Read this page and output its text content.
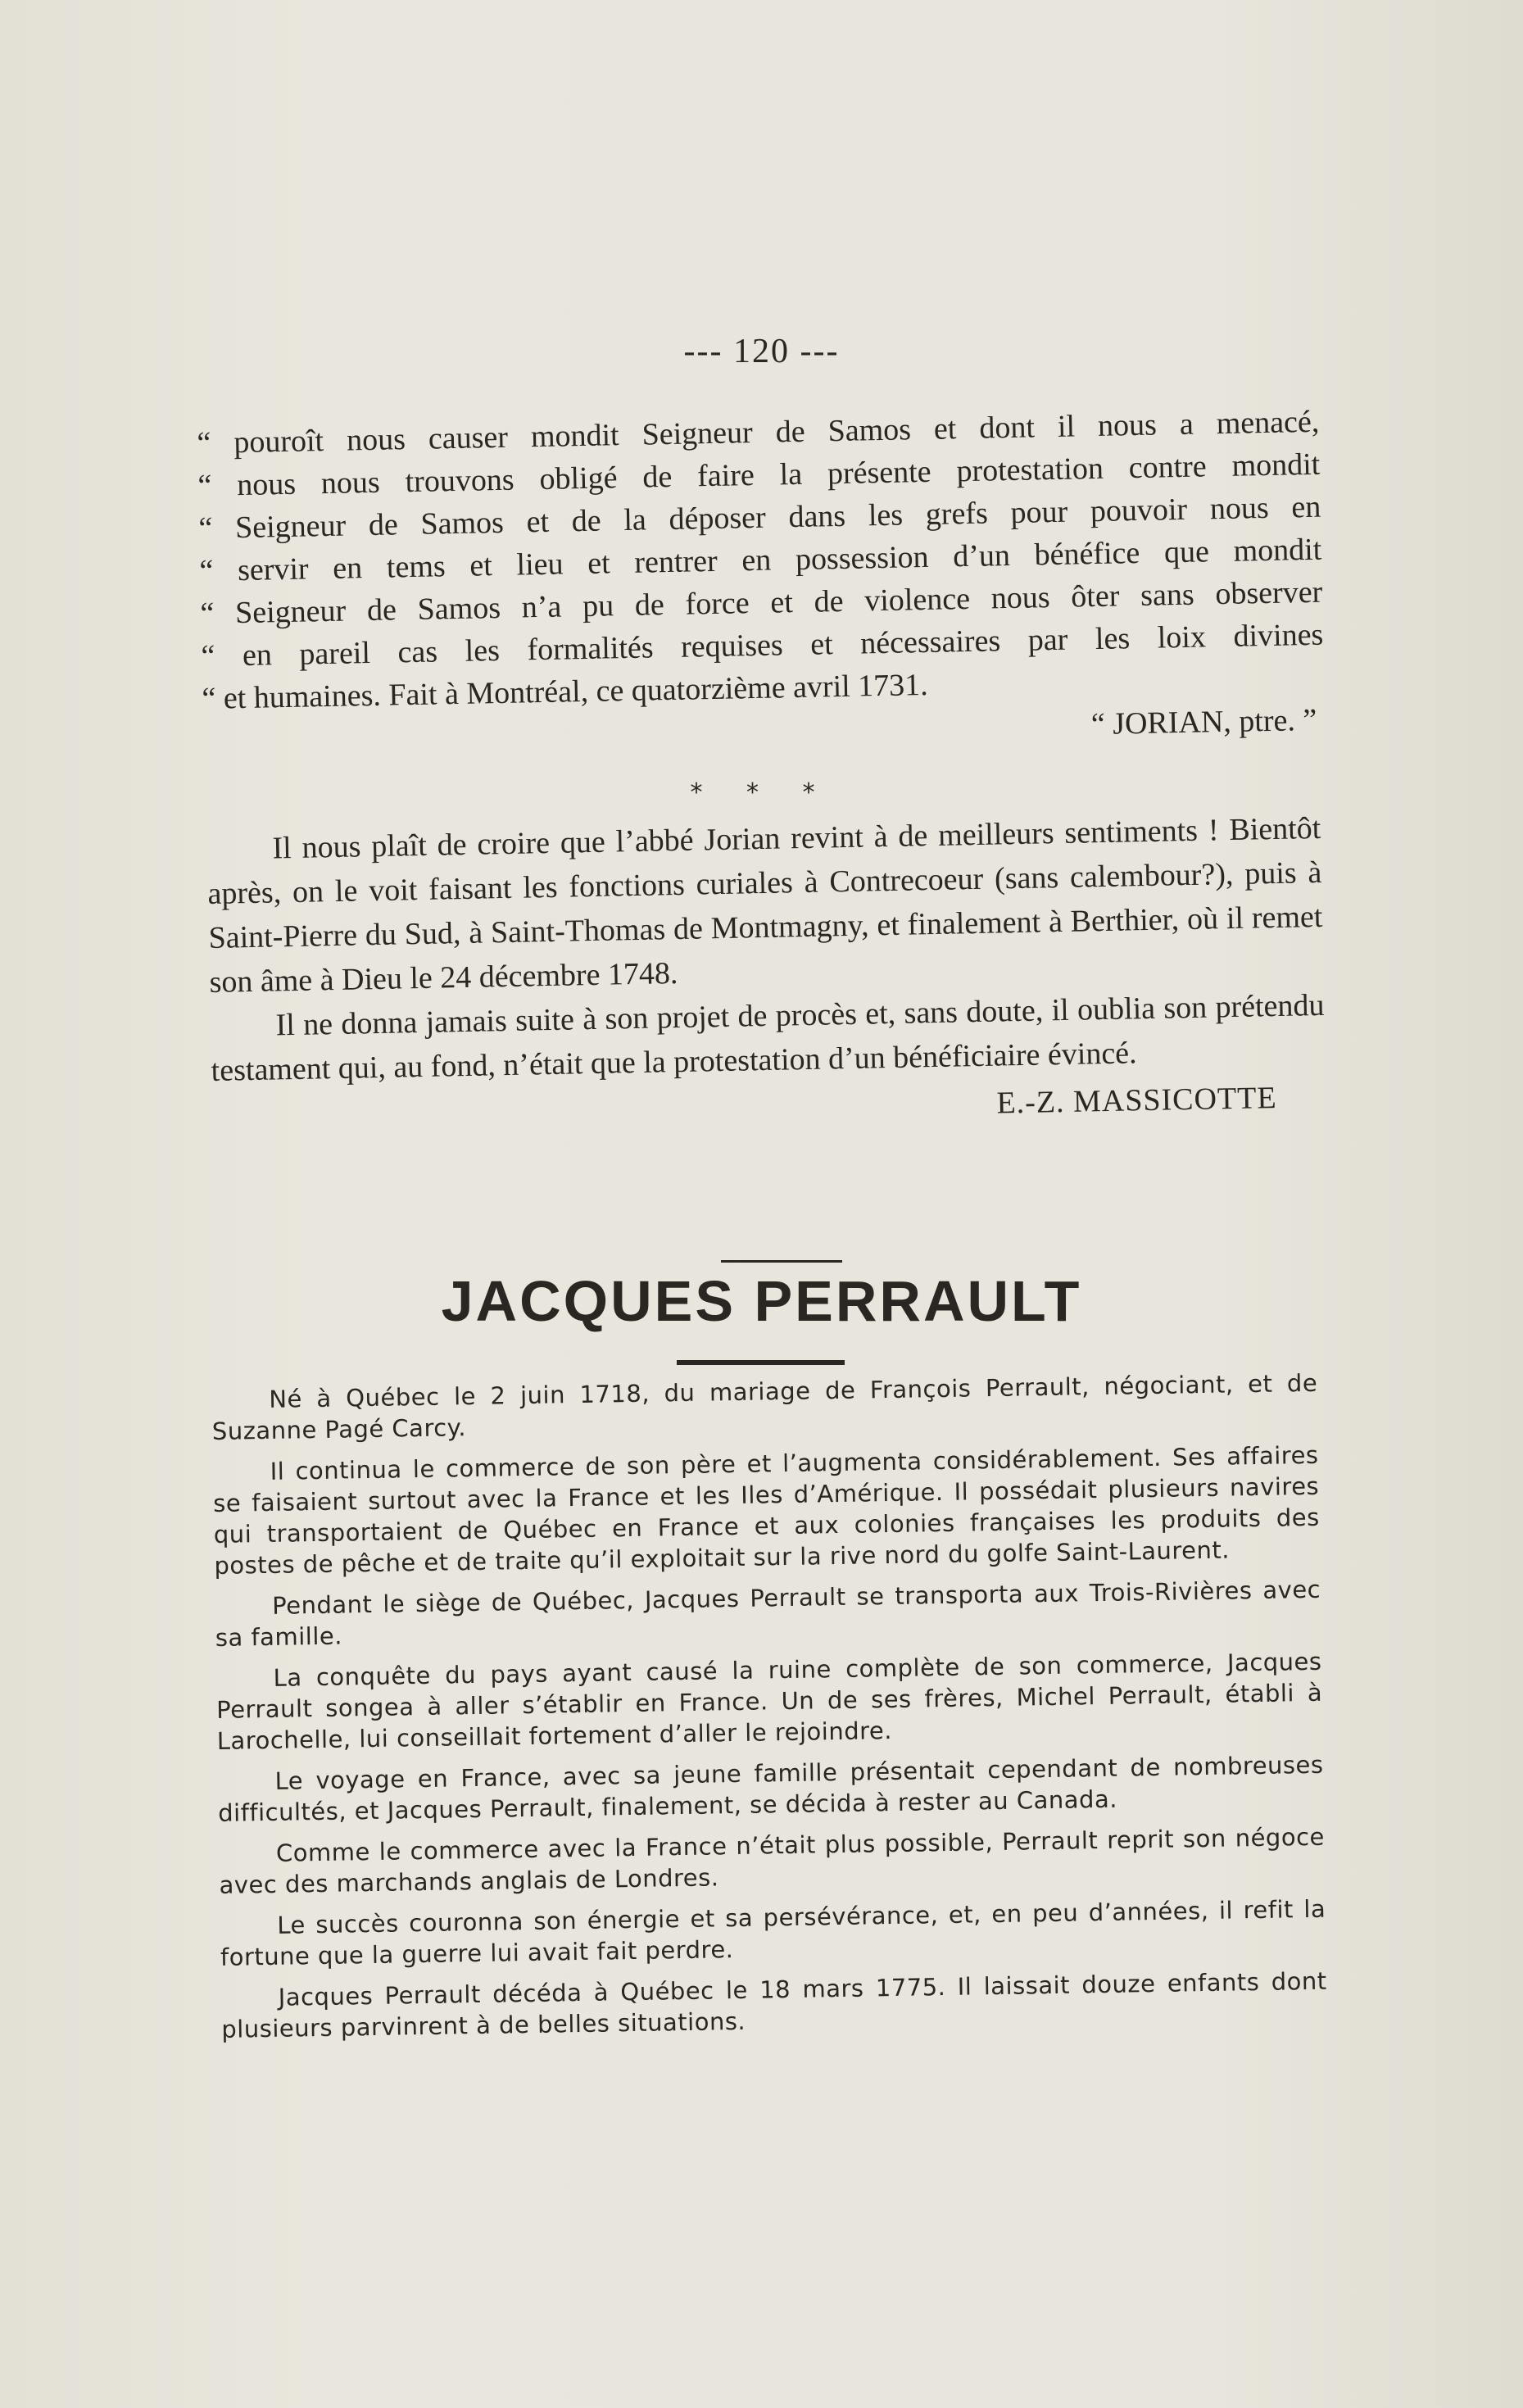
--- 120 ---
“ pouroît nous causer mondit Seigneur de Samos et dont il nous a menacé,
“ nous nous trouvons obligé de faire la présente protestation contre mondit
“ Seigneur de Samos et de la déposer dans les grefs pour pouvoir nous en
“ servir en tems et lieu et rentrer en possession d’un bénéfice que mondit
“ Seigneur de Samos n’a pu de force et de violence nous ôter sans observer
“ en pareil cas les formalités requises et nécessaires par les loix divines
“ et humaines. Fait à Montréal, ce quatorzième avril 1731.
“ JORIAN, ptre. ”
* * *

Il nous plaît de croire que l’abbé Jorian revint à de meilleurs sentiments ! Bientôt après, on le voit faisant les fonctions curiales à Contrecoeur (sans calembour?), puis à Saint-Pierre du Sud, à Saint-Thomas de Montmagny, et finalement à Berthier, où il remet son âme à Dieu le 24 décembre 1748.

Il ne donna jamais suite à son projet de procès et, sans doute, il oublia son prétendu testament qui, au fond, n’était que la protestation d’un bénéficiaire évincé.

E.-Z. MASSICOTTE
JACQUES PERRAULT

Né à Québec le 2 juin 1718, du mariage de François Perrault, négociant, et de Suzanne Pagé Carcy.

Il continua le commerce de son père et l’augmenta considérablement. Ses affaires se faisaient surtout avec la France et les Iles d’Amérique. Il possédait plusieurs navires qui transportaient de Québec en France et aux colonies françaises les produits des postes de pêche et de traite qu’il exploitait sur la rive nord du golfe Saint-Laurent.

Pendant le siège de Québec, Jacques Perrault se transporta aux Trois-Rivières avec sa famille.

La conquête du pays ayant causé la ruine complète de son commerce, Jacques Perrault songea à aller s’établir en France. Un de ses frères, Michel Perrault, établi à Larochelle, lui conseillait fortement d’aller le rejoindre.

Le voyage en France, avec sa jeune famille présentait cependant de nombreuses difficultés, et Jacques Perrault, finalement, se décida à rester au Canada.

Comme le commerce avec la France n’était plus possible, Perrault reprit son négoce avec des marchands anglais de Londres.

Le succès couronna son énergie et sa persévérance, et, en peu d’années, il refit la fortune que la guerre lui avait fait perdre.

Jacques Perrault décéda à Québec le 18 mars 1775. Il laissait douze enfants dont plusieurs parvinrent à de belles situations.
